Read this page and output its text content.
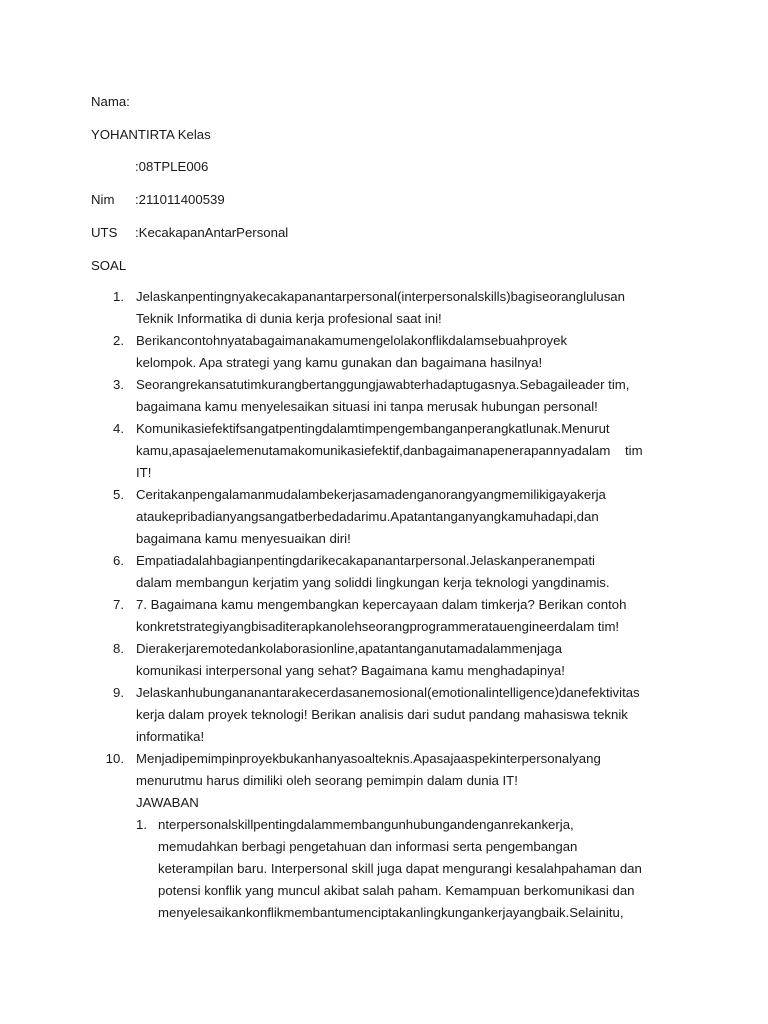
Nama:
YOHANTIRTA Kelas
:08TPLE006
Nim :211011400539
UTS :KecakapanAntarPersonal
SOAL
1. Jelaskanpentingnyakecakapanantarpersonal(interpersonalskills)bagiseoranglulusan
Teknik Informatika di dunia kerja profesional saat ini!
2. Berikancontohnyatabagaimanakamumengelolakonflikdalamsebuahproyek
kelompok. Apa strategi yang kamu gunakan dan bagaimana hasilnya!
3. Seorangrekansatutimkurangbertanggungjawabterhadaptugasnya.Sebagaileader tim,
bagaimana kamu menyelesaikan situasi ini tanpa merusak hubungan personal!
4. Komunikasiefektifsangatpentingdalamtimpengembanganperangkatlunak.Menurut
kamu,apasajaelemenutamakomunikasiefektif,danbagaimanapenerapannyadalam    tim
IT!
5. Ceritakanpengalamanmudalambekerjasamadenganorangyangmemilikigayakerja
ataukepribadianyangsangatberbedadarimu.Apatantanganyangkamuhadapi,dan
bagaimana kamu menyesuaikan diri!
6. Empatiadalahbagianpentingdarikecakapanantarpersonal.Jelaskanperanempati
dalam membangun kerjatim yang soliddi lingkungan kerja teknologi yangdinamis.
7. 7. Bagaimana kamu mengembangkan kepercayaan dalam timkerja? Berikan contoh
konkretstrategiyangbisaditerapkanolehseorangprogrammeratauengineerdalam tim!
8. Dierakerjaremotedankolaborasionline,apatantanganutamadalammenjaga
komunikasi interpersonal yang sehat? Bagaimana kamu menghadapinya!
9. Jelaskanhubungananantarakecerdasanemosional(emotionalintelligence)danefektivitas
kerja dalam proyek teknologi! Berikan analisis dari sudut pandang mahasiswa teknik
informatika!
10. Menjadipemimpinproyekbukanhanyasoalteknis.Apasajaaspekinterpersonalyang
menurutmu harus dimiliki oleh seorang pemimpin dalam dunia IT!
JAWABAN
1. nterpersonalskillpentingdalammembangunhubungandenganrekankerja,
memudahkan berbagi pengetahuan dan informasi serta pengembangan
keterampilan baru. Interpersonal skill juga dapat mengurangi kesalahpahaman dan
potensi konflik yang muncul akibat salah paham. Kemampuan berkomunikasi dan
menyelesaikankonflikmembantumenciptakanlingkungankerjayangbaik.Selainitu,
